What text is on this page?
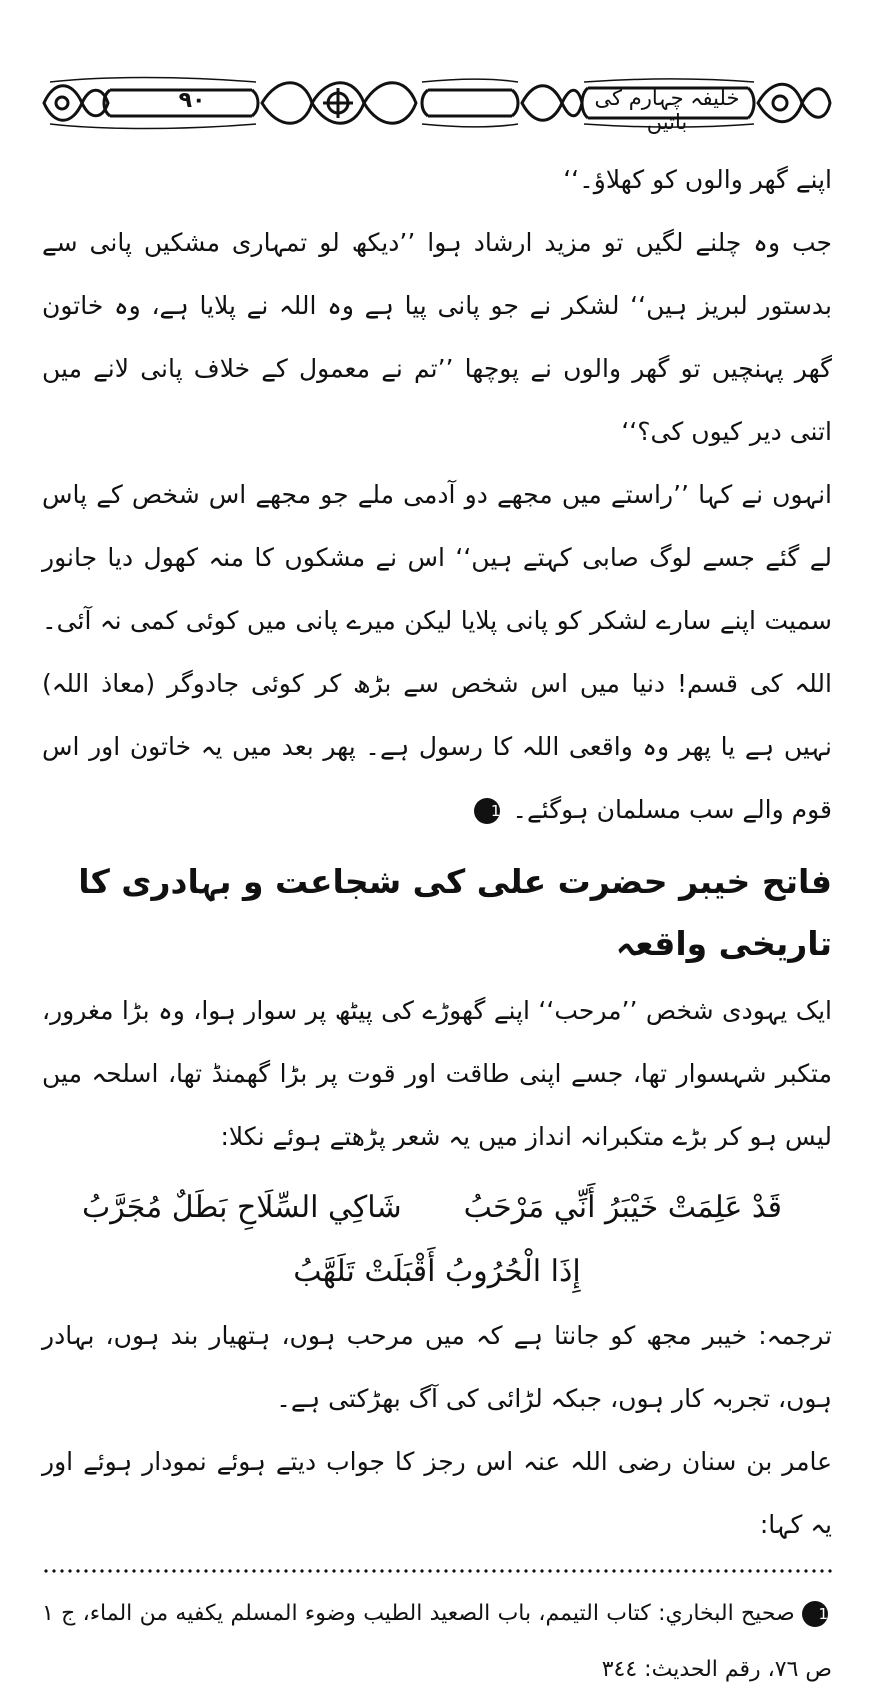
۹۰	خلیفہ چہارم کی باتیں

اپنے گھر والوں کو کھلاؤ۔‘‘

جب وہ چلنے لگیں تو مزید ارشاد ہوا ’’دیکھ لو تمہاری مشکیں پانی سے بدستور لبریز ہیں‘‘ لشکر نے جو پانی پیا ہے وہ اللہ نے پلایا ہے، وہ خاتون گھر پہنچیں تو گھر والوں نے پوچھا ’’تم نے معمول کے خلاف پانی لانے میں اتنی دیر کیوں کی؟‘‘

انہوں نے کہا ’’راستے میں مجھے دو آدمی ملے جو مجھے اس شخص کے پاس لے گئے جسے لوگ صابی کہتے ہیں‘‘ اس نے مشکوں کا منہ کھول دیا جانور سمیت اپنے سارے لشکر کو پانی پلایا لیکن میرے پانی میں کوئی کمی نہ آئی۔ اللہ کی قسم! دنیا میں اس شخص سے بڑھ کر کوئی جادوگر (معاذ اللہ) نہیں ہے یا پھر وہ واقعی اللہ کا رسول ہے۔ پھر بعد میں یہ خاتون اور اس قوم والے سب مسلمان ہوگئے۔ 1

فاتح خیبر حضرت علی کی شجاعت و بہادری کا تاریخی واقعہ

ایک یہودی شخص ’’مرحب‘‘ اپنے گھوڑے کی پیٹھ پر سوار ہوا، وہ بڑا مغرور، متکبر شہسوار تھا، جسے اپنی طاقت اور قوت پر بڑا گھمنڈ تھا، اسلحہ میں لیس ہو کر بڑے متکبرانہ انداز میں یہ شعر پڑھتے ہوئے نکلا:

قَدْ عَلِمَتْ خَيْبَرُ أَنِّي مَرْحَبُ
شَاكِي السِّلَاحِ بَطَلٌ مُجَرَّبُ
إِذَا الْحُرُوبُ أَقْبَلَتْ تَلَهَّبُ

ترجمہ: خیبر مجھ کو جانتا ہے کہ میں مرحب ہوں، ہتھیار بند ہوں، بہادر ہوں، تجربہ کار ہوں، جبکہ لڑائی کی آگ بھڑکتی ہے۔

عامر بن سنان رضی اللہ عنہ اس رجز کا جواب دیتے ہوئے نمودار ہوئے اور یہ کہا:

1 صحيح البخاري: كتاب التيمم، باب الصعيد الطيب وضوء المسلم يكفيه من الماء، ج ١ ص ٧٦، رقم الحديث: ٣٤٤
